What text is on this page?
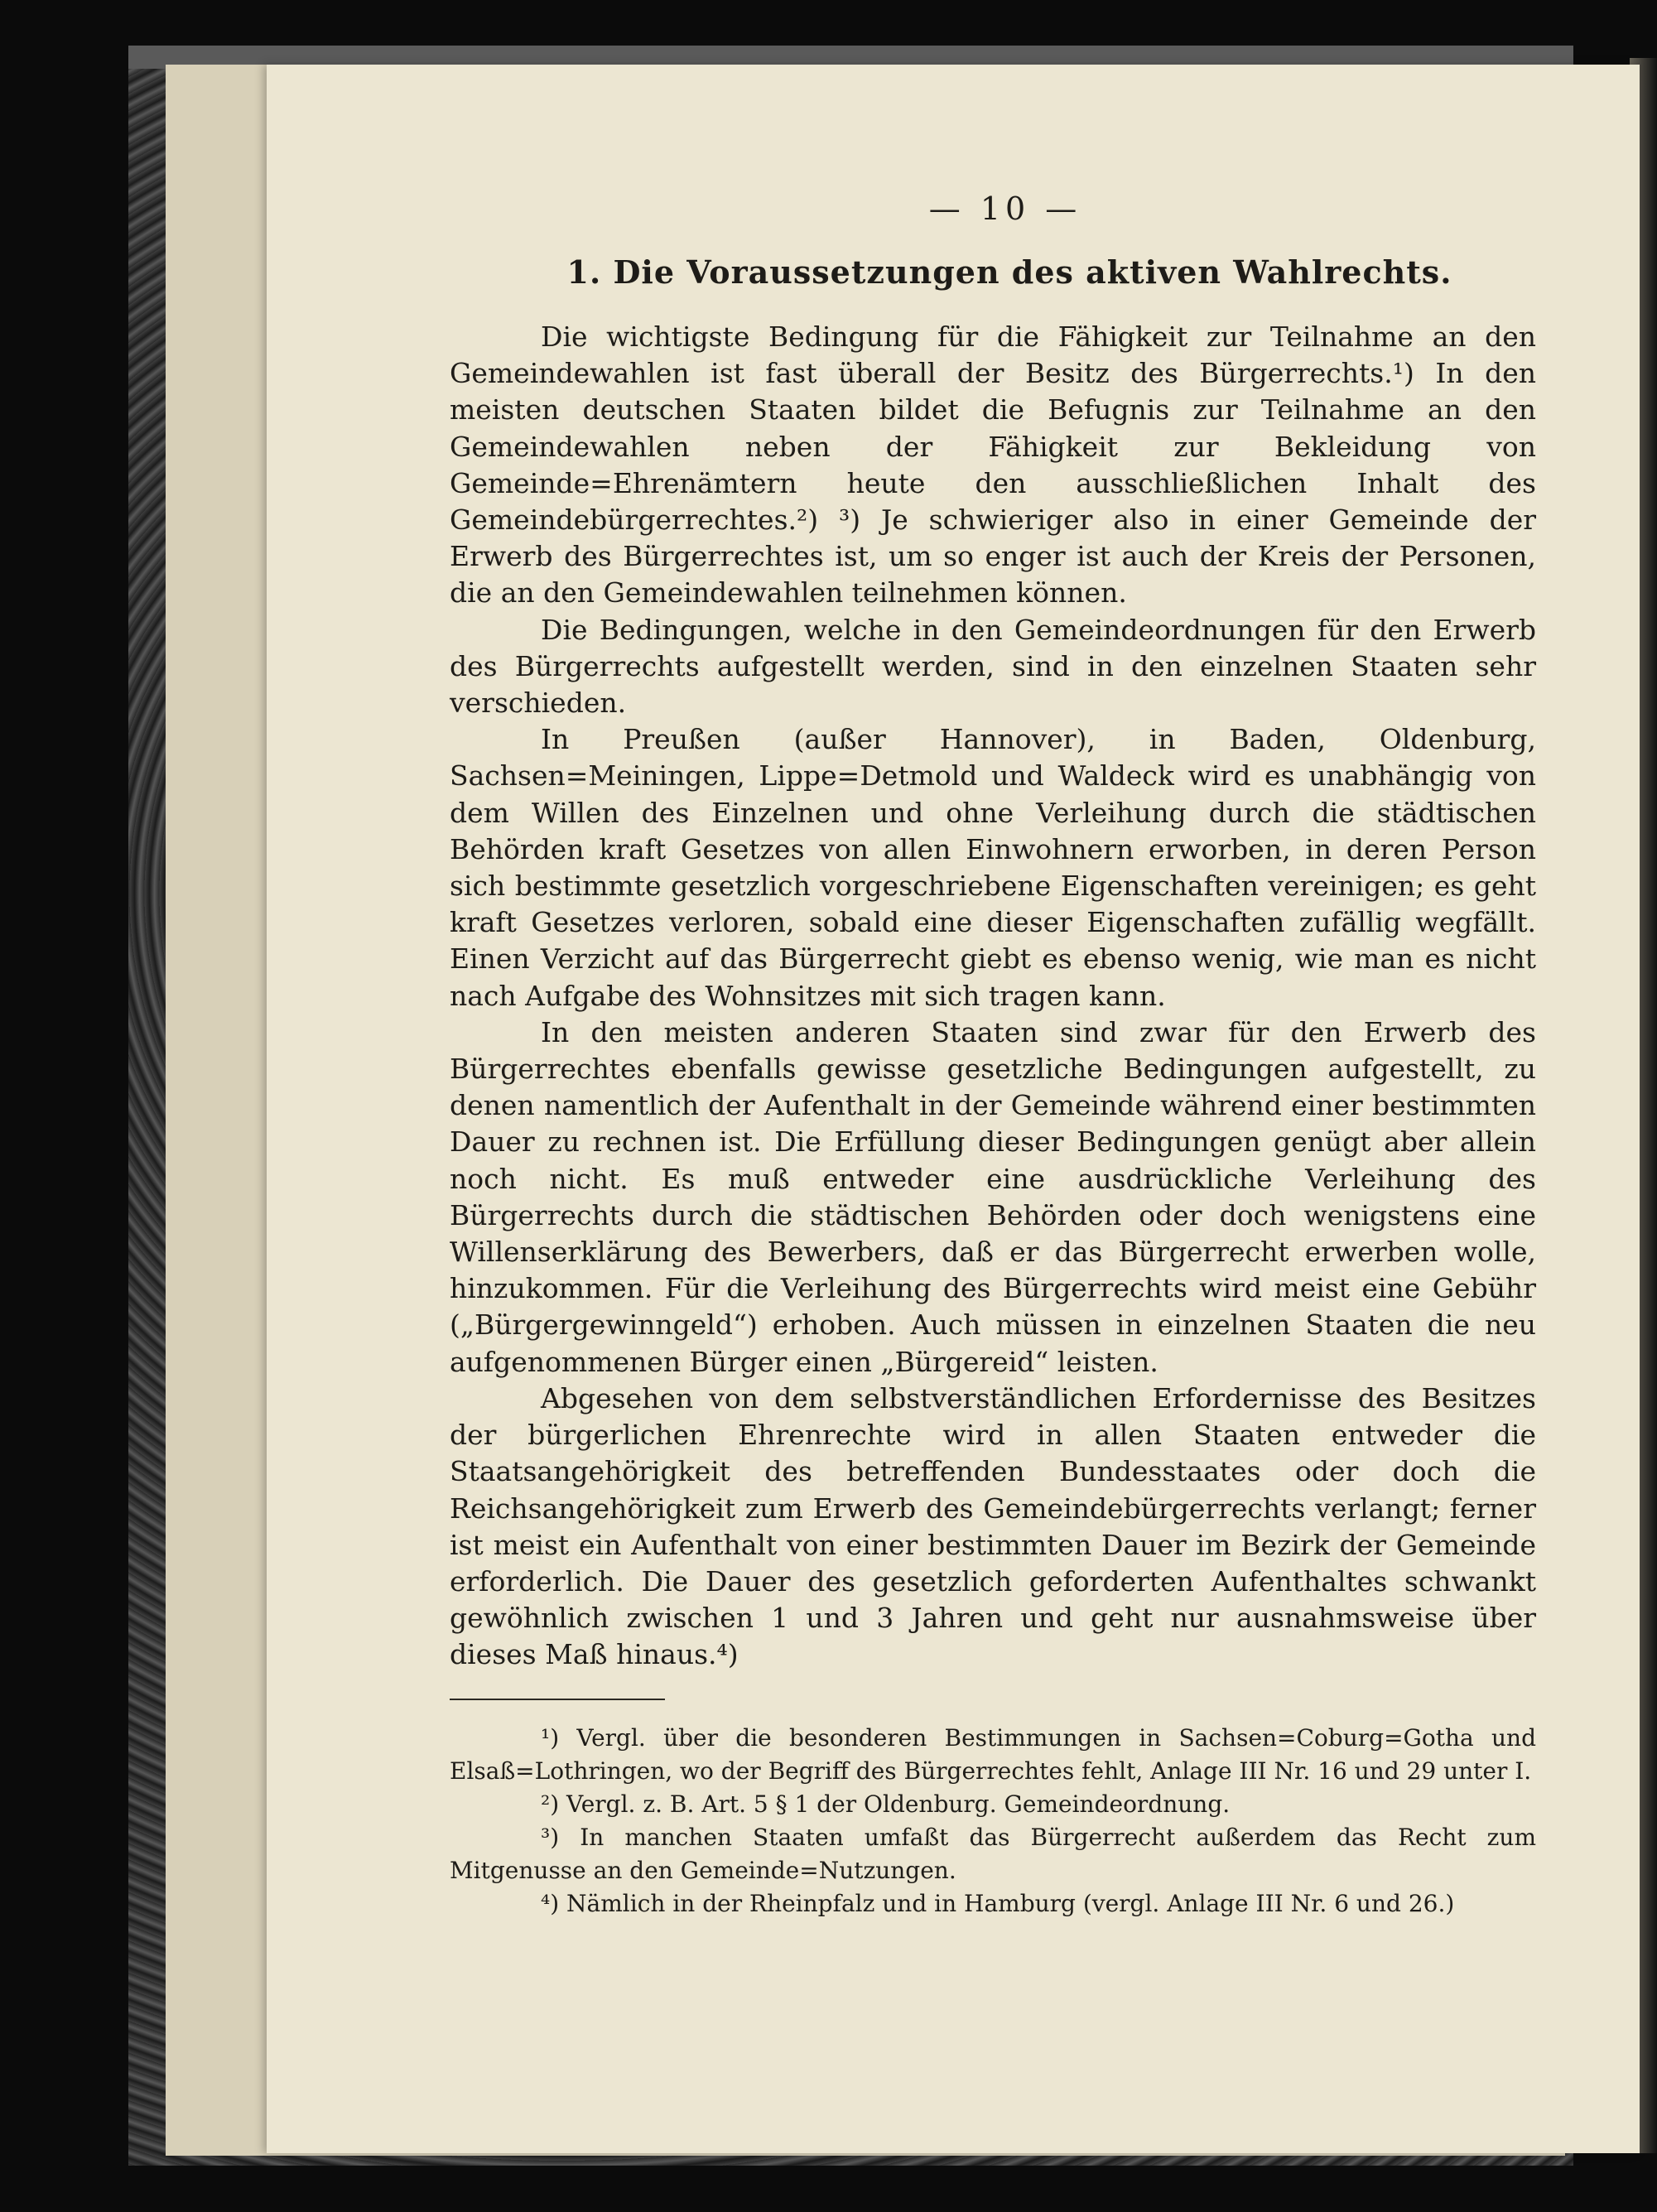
— 10 —
1. Die Voraussetzungen des aktiven Wahlrechts.

Die wichtigste Bedingung für die Fähigkeit zur Teilnahme an den Gemeindewahlen ist fast überall der Besitz des Bürgerrechts.¹) In den meisten deutschen Staaten bildet die Befugnis zur Teilnahme an den Gemeindewahlen neben der Fähigkeit zur Bekleidung von Gemeinde=Ehrenämtern heute den ausschließlichen Inhalt des Gemeindebürgerrechtes.²) ³) Je schwieriger also in einer Gemeinde der Erwerb des Bürgerrechtes ist, um so enger ist auch der Kreis der Personen, die an den Gemeindewahlen teilnehmen können.

Die Bedingungen, welche in den Gemeindeordnungen für den Erwerb des Bürgerrechts aufgestellt werden, sind in den einzelnen Staaten sehr verschieden.

In Preußen (außer Hannover), in Baden, Oldenburg, Sachsen=Meiningen, Lippe=Detmold und Waldeck wird es unabhängig von dem Willen des Einzelnen und ohne Verleihung durch die städtischen Behörden kraft Gesetzes von allen Einwohnern erworben, in deren Person sich bestimmte gesetzlich vorgeschriebene Eigenschaften vereinigen; es geht kraft Gesetzes verloren, sobald eine dieser Eigenschaften zufällig wegfällt. Einen Verzicht auf das Bürgerrecht giebt es ebenso wenig, wie man es nicht nach Aufgabe des Wohnsitzes mit sich tragen kann.

In den meisten anderen Staaten sind zwar für den Erwerb des Bürgerrechtes ebenfalls gewisse gesetzliche Bedingungen aufgestellt, zu denen namentlich der Aufenthalt in der Gemeinde während einer bestimmten Dauer zu rechnen ist. Die Erfüllung dieser Bedingungen genügt aber allein noch nicht. Es muß entweder eine ausdrückliche Verleihung des Bürgerrechts durch die städtischen Behörden oder doch wenigstens eine Willenserklärung des Bewerbers, daß er das Bürgerrecht erwerben wolle, hinzukommen. Für die Verleihung des Bürgerrechts wird meist eine Gebühr („Bürgergewinngeld“) erhoben. Auch müssen in einzelnen Staaten die neu aufgenommenen Bürger einen „Bürgereid“ leisten.

Abgesehen von dem selbstverständlichen Erfordernisse des Besitzes der bürgerlichen Ehrenrechte wird in allen Staaten entweder die Staatsangehörigkeit des betreffenden Bundesstaates oder doch die Reichsangehörigkeit zum Erwerb des Gemeindebürgerrechts verlangt; ferner ist meist ein Aufenthalt von einer bestimmten Dauer im Bezirk der Gemeinde erforderlich. Die Dauer des gesetzlich geforderten Aufenthaltes schwankt gewöhnlich zwischen 1 und 3 Jahren und geht nur ausnahmsweise über dieses Maß hinaus.⁴)

¹) Vergl. über die besonderen Bestimmungen in Sachsen=Coburg=Gotha und Elsaß=Lothringen, wo der Begriff des Bürgerrechtes fehlt, Anlage III Nr. 16 und 29 unter I.

²) Vergl. z. B. Art. 5 § 1 der Oldenburg. Gemeindeordnung.

³) In manchen Staaten umfaßt das Bürgerrecht außerdem das Recht zum Mitgenusse an den Gemeinde=Nutzungen.

⁴) Nämlich in der Rheinpfalz und in Hamburg (vergl. Anlage III Nr. 6 und 26.)
